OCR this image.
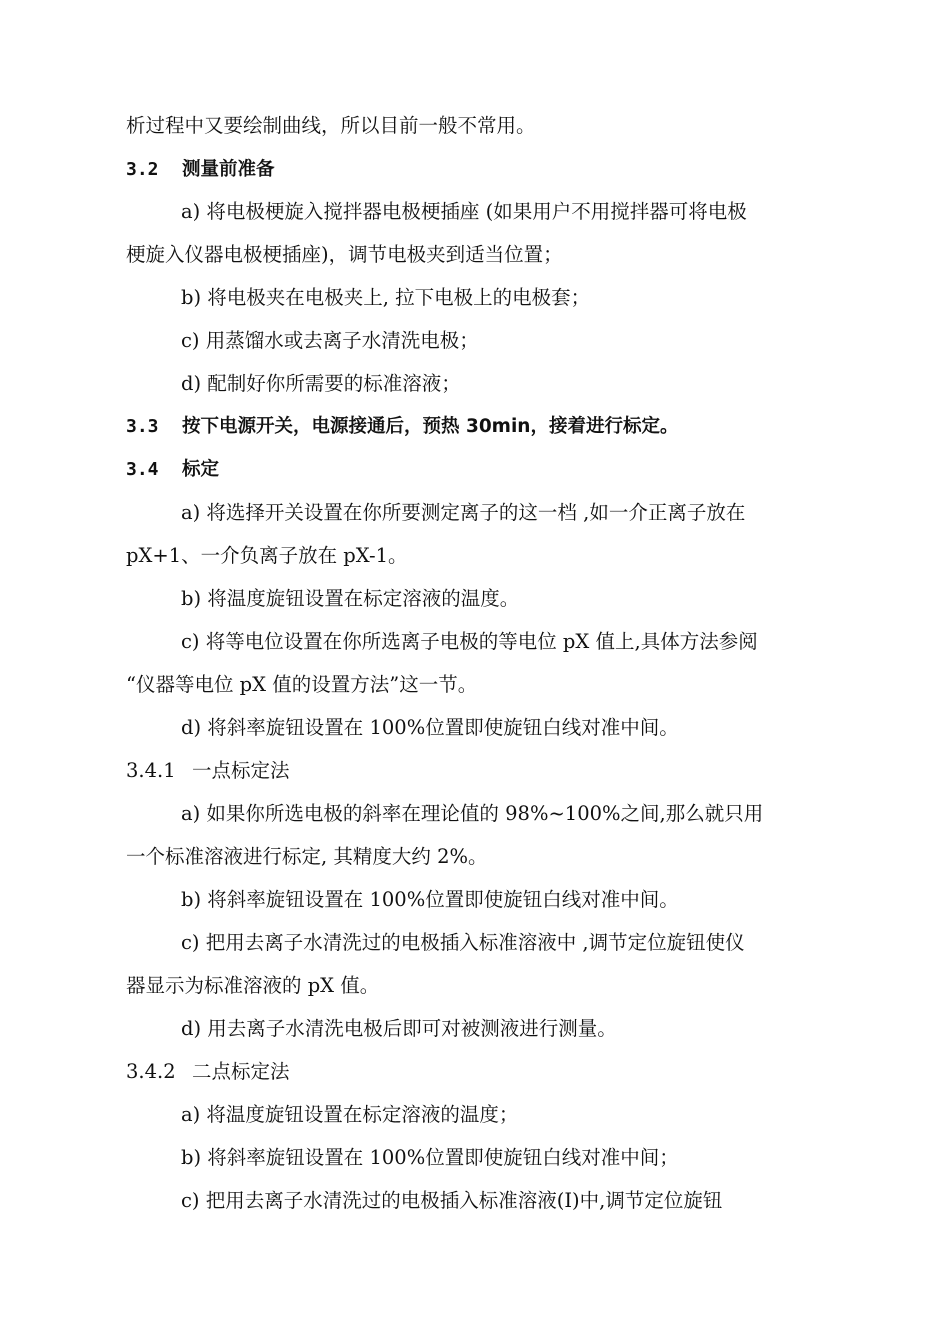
析过程中又要绘制曲线，所以目前一般不常用。
3.2 测量前准备
a) 将电极梗旋入搅拌器电极梗插座 (如果用户不用搅拌器可将电极
梗旋入仪器电极梗插座)，调节电极夹到适当位置；
b) 将电极夹在电极夹上, 拉下电极上的电极套；
c) 用蒸馏水或去离子水清洗电极；
d) 配制好你所需要的标准溶液；
3.3 按下电源开关，电源接通后，预热 30min，接着进行标定。
3.4 标定
a) 将选择开关设置在你所要测定离子的这一档 ,如一介正离子放在
pX+1、一介负离子放在 pX-1。
b) 将温度旋钮设置在标定溶液的温度。
c) 将等电位设置在你所选离子电极的等电位 pX 值上,具体方法参阅
“仪器等电位 pX 值的设置方法”这一节。
d) 将斜率旋钮设置在 100%位置即使旋钮白线对准中间。
3.4.1 一点标定法
a) 如果你所选电极的斜率在理论值的 98%~100%之间,那么就只用
一个标准溶液进行标定, 其精度大约 2%。
b) 将斜率旋钮设置在 100%位置即使旋钮白线对准中间。
c) 把用去离子水清洗过的电极插入标准溶液中 ,调节定位旋钮使仪
器显示为标准溶液的 pX 值。
d) 用去离子水清洗电极后即可对被测液进行测量。
3.4.2 二点标定法
a) 将温度旋钮设置在标定溶液的温度；
b) 将斜率旋钮设置在 100%位置即使旋钮白线对准中间；
c) 把用去离子水清洗过的电极插入标准溶液(Ⅰ)中,调节定位旋钮
